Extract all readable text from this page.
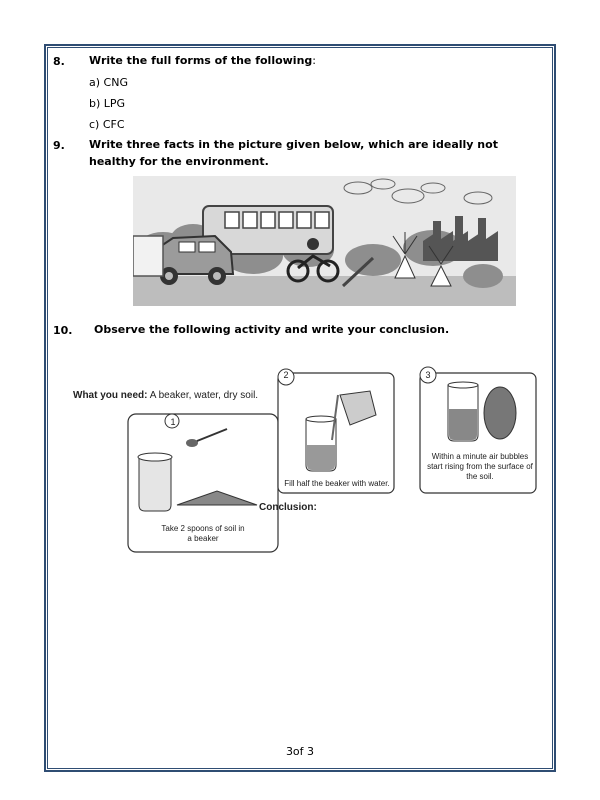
8. Write the full forms of the following:
a) CNG
b) LPG
c) CFC
9. Write three facts in the picture given below, which are ideally not
healthy for the environment.
10. Observe the following activity and write your conclusion.
What you need: A beaker, water, dry soil.
Take 2 spoons of soil in
a beaker
1
Fill half the beaker with water.
2
Within a minute air bubbles
start rising from the surface of
the soil.
3
Conclusion:
3of 3
